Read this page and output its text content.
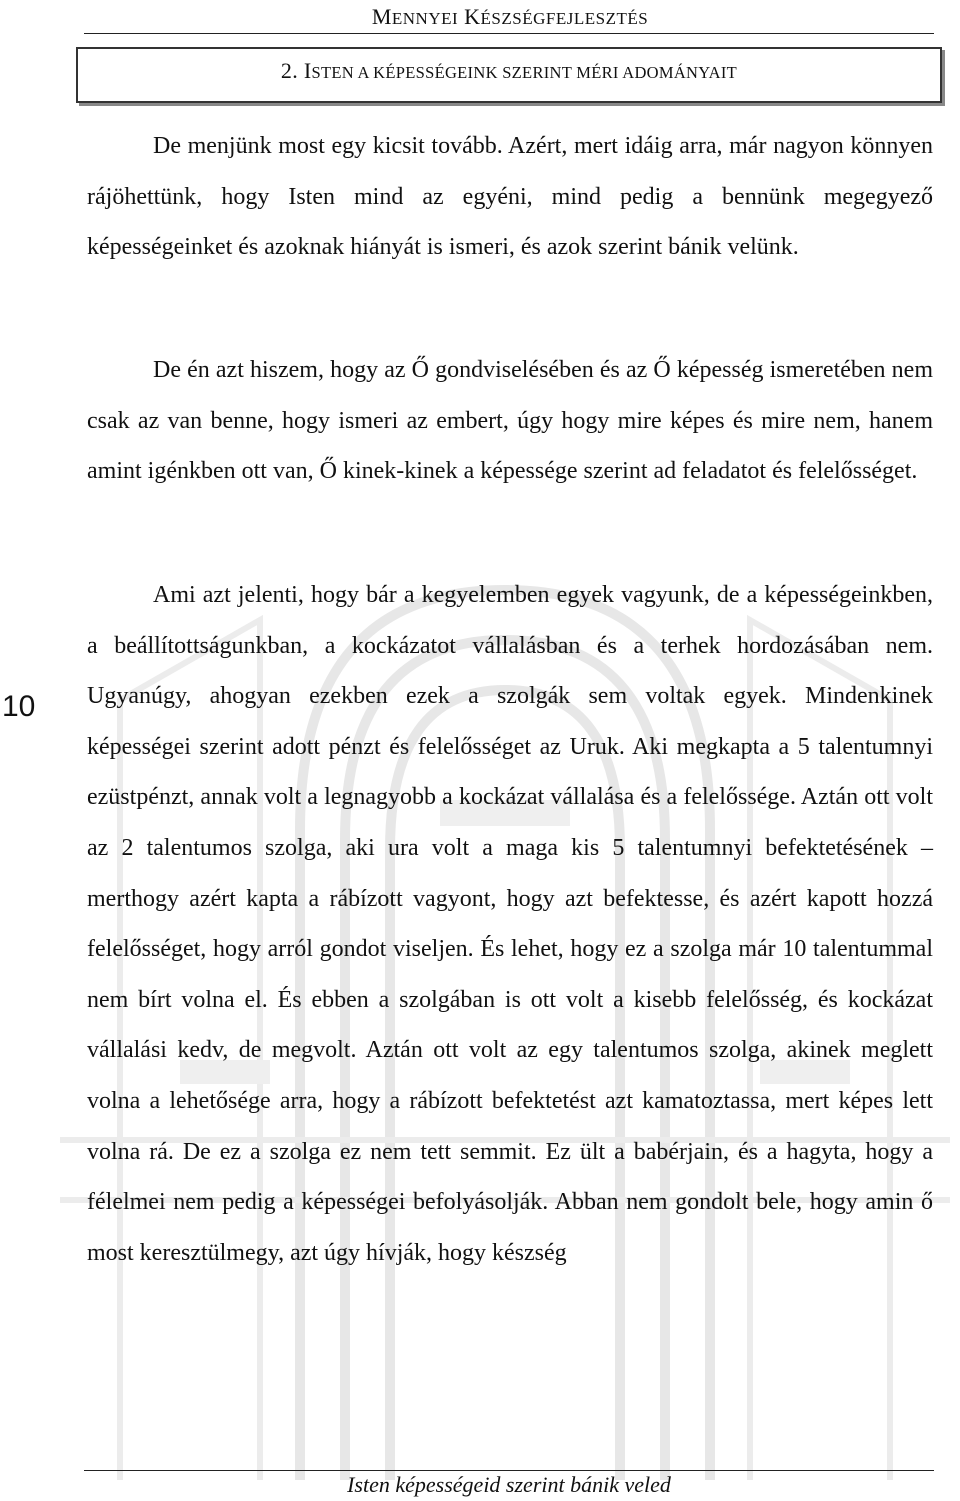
MENNYEI KÉSZSÉGFEJLESZTÉS
2. ISTEN A KÉPESSÉGEINK SZERINT MÉRI ADOMÁNYAIT

De menjünk most egy kicsit tovább. Azért, mert idáig arra, már nagyon könnyen rájöhettünk, hogy Isten mind az egyéni, mind pedig a bennünk megegyező képességeinket és azoknak hiányát is ismeri, és azok szerint bánik velünk.

De én azt hiszem, hogy az Ő gondviselésében és az Ő képesség ismeretében nem csak az van benne, hogy ismeri az embert, úgy hogy mire képes és mire nem, hanem amint igénkben ott van, Ő kinek-kinek a képessége szerint ad feladatot és felelősséget.

Ami azt jelenti, hogy bár a kegyelemben egyek vagyunk, de a képességeinkben, a beállítottságunkban, a kockázatot vállalásban és a terhek hordozásában nem. Ugyanúgy, ahogyan ezekben ezek a szolgák sem voltak egyek. Mindenkinek képességei szerint adott pénzt és felelősséget az Uruk. Aki megkapta a 5 talentumnyi ezüstpénzt, annak volt a legnagyobb a kockázat vállalása és a felelőssége. Aztán ott volt az 2 talentumos szolga, aki ura volt a maga kis 5 talentumnyi befektetésének – merthogy azért kapta a rábízott vagyont, hogy azt befektesse, és azért kapott hozzá felelősséget, hogy arról gondot viseljen. És lehet, hogy ez a szolga már 10 talentummal nem bírt volna el. És ebben a szolgában is ott volt a kisebb felelősség, és kockázat vállalási kedv, de megvolt. Aztán ott volt az egy talentumos szolga, akinek meglett volna a lehetősége arra, hogy a rábízott befektetést azt kamatoztassa, mert képes lett volna rá. De ez a szolga ez nem tett semmit. Ez ült a babérjain, és a hagyta, hogy a félelmei nem pedig a képességei befolyásolják. Abban nem gondolt bele, hogy amin ő most keresztülmegy, azt úgy hívják, hogy készség

10
Isten képességeid szerint bánik veled
